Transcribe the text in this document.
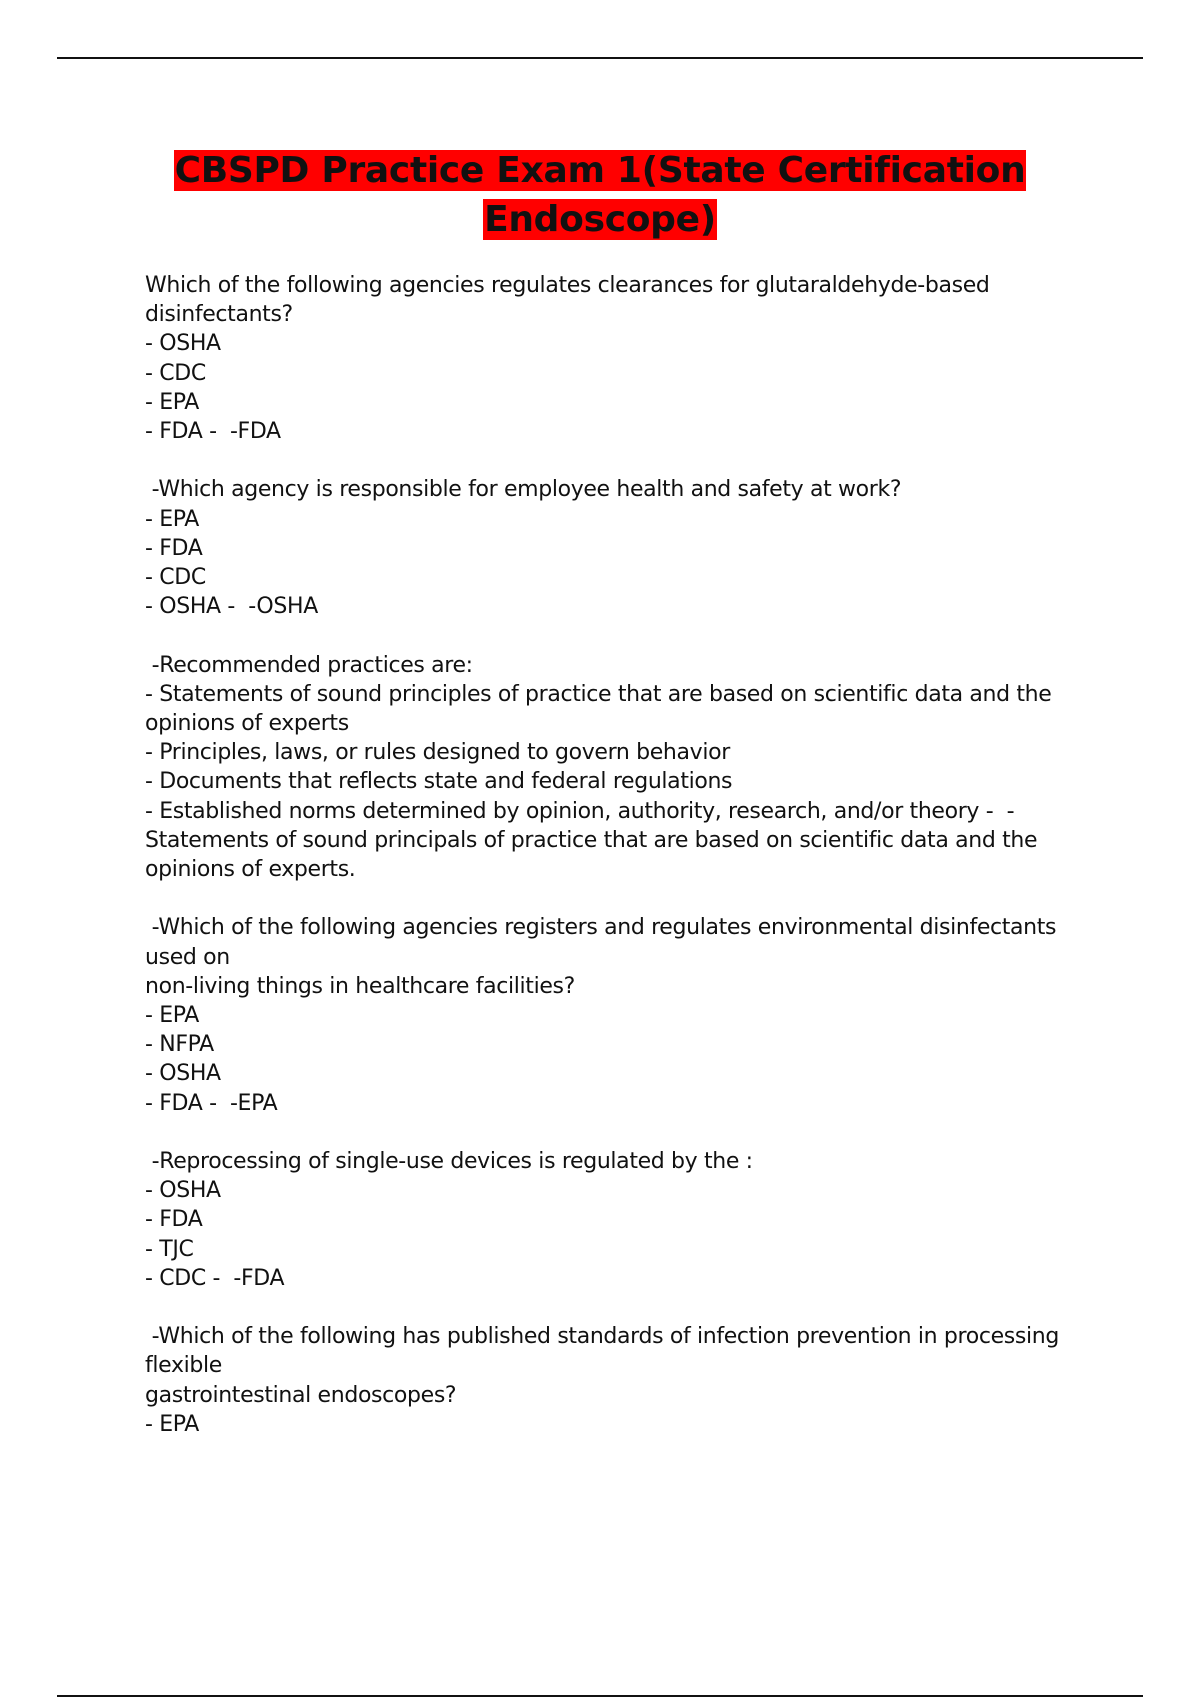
CBSPD Practice Exam 1(State Certification
Endoscope)
Which of the following agencies regulates clearances for glutaraldehyde-based
disinfectants?
- OSHA
- CDC
- EPA
- FDA -  -FDA
-Which agency is responsible for employee health and safety at work?
- EPA
- FDA
- CDC
- OSHA -  -OSHA
-Recommended practices are:
- Statements of sound principles of practice that are based on scientific data and the
opinions of experts
- Principles, laws, or rules designed to govern behavior
- Documents that reflects state and federal regulations
- Established norms determined by opinion, authority, research, and/or theory -  -
Statements of sound principals of practice that are based on scientific data and the
opinions of experts.
-Which of the following agencies registers and regulates environmental disinfectants
used on
non-living things in healthcare facilities?
- EPA
- NFPA
- OSHA
- FDA -  -EPA
-Reprocessing of single-use devices is regulated by the :
- OSHA
- FDA
- TJC
- CDC -  -FDA
-Which of the following has published standards of infection prevention in processing
flexible
gastrointestinal endoscopes?
- EPA
